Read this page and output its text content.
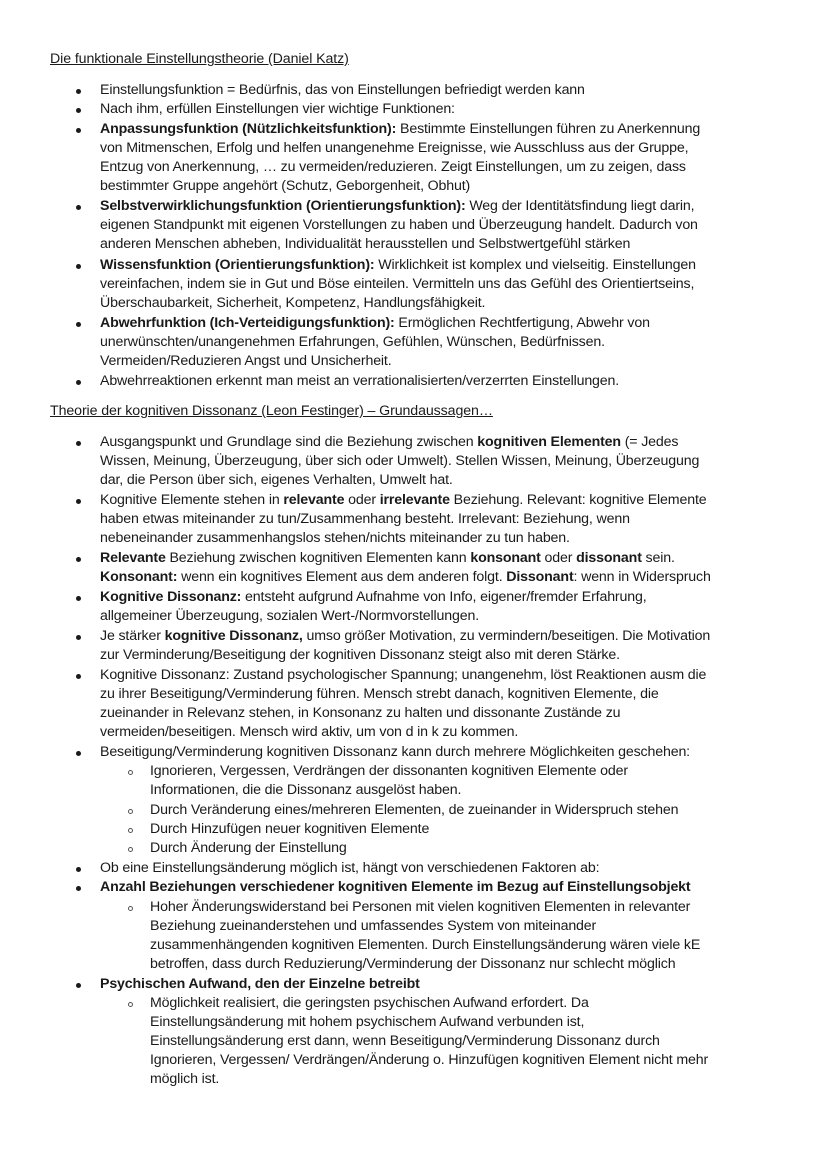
Die funktionale Einstellungstheorie (Daniel Katz)
Einstellungsfunktion = Bedürfnis, das von Einstellungen befriedigt werden kann
Nach ihm, erfüllen Einstellungen vier wichtige Funktionen:
Anpassungsfunktion (Nützlichkeitsfunktion): Bestimmte Einstellungen führen zu Anerkennung
von Mitmenschen, Erfolg und helfen unangenehme Ereignisse, wie Ausschluss aus der Gruppe,
Entzug von Anerkennung, … zu vermeiden/reduzieren. Zeigt Einstellungen, um zu zeigen, dass
bestimmter Gruppe angehört (Schutz, Geborgenheit, Obhut)
Selbstverwirklichungsfunktion (Orientierungsfunktion): Weg der Identitätsfindung liegt darin,
eigenen Standpunkt mit eigenen Vorstellungen zu haben und Überzeugung handelt. Dadurch von
anderen Menschen abheben, Individualität herausstellen und Selbstwertgefühl stärken
Wissensfunktion (Orientierungsfunktion): Wirklichkeit ist komplex und vielseitig. Einstellungen
vereinfachen, indem sie in Gut und Böse einteilen. Vermitteln uns das Gefühl des Orientiertseins,
Überschaubarkeit, Sicherheit, Kompetenz, Handlungsfähigkeit.
Abwehrfunktion (Ich-Verteidigungsfunktion): Ermöglichen Rechtfertigung, Abwehr von
unerwünschten/unangenehmen Erfahrungen, Gefühlen, Wünschen, Bedürfnissen.
Vermeiden/Reduzieren Angst und Unsicherheit.
Abwehrreaktionen erkennt man meist an verrationalisierten/verzerrten Einstellungen.
Theorie der kognitiven Dissonanz (Leon Festinger) – Grundaussagen…
Ausgangspunkt und Grundlage sind die Beziehung zwischen kognitiven Elementen (= Jedes
Wissen, Meinung, Überzeugung, über sich oder Umwelt). Stellen Wissen, Meinung, Überzeugung
dar, die Person über sich, eigenes Verhalten, Umwelt hat.
Kognitive Elemente stehen in relevante oder irrelevante Beziehung. Relevant: kognitive Elemente
haben etwas miteinander zu tun/Zusammenhang besteht. Irrelevant: Beziehung, wenn
nebeneinander zusammenhangslos stehen/nichts miteinander zu tun haben.
Relevante Beziehung zwischen kognitiven Elementen kann konsonant oder dissonant sein.
Konsonant: wenn ein kognitives Element aus dem anderen folgt. Dissonant: wenn in Widerspruch
Kognitive Dissonanz: entsteht aufgrund Aufnahme von Info, eigener/fremder Erfahrung,
allgemeiner Überzeugung, sozialen Wert-/Normvorstellungen.
Je stärker kognitive Dissonanz, umso größer Motivation, zu vermindern/beseitigen. Die Motivation
zur Verminderung/Beseitigung der kognitiven Dissonanz steigt also mit deren Stärke.
Kognitive Dissonanz: Zustand psychologischer Spannung; unangenehm, löst Reaktionen ausm die
zu ihrer Beseitigung/Verminderung führen. Mensch strebt danach, kognitiven Elemente, die
zueinander in Relevanz stehen, in Konsonanz zu halten und dissonante Zustände zu
vermeiden/beseitigen. Mensch wird aktiv, um von d in k zu kommen.
Beseitigung/Verminderung kognitiven Dissonanz kann durch mehrere Möglichkeiten geschehen:
Ignorieren, Vergessen, Verdrängen der dissonanten kognitiven Elemente oder
Informationen, die die Dissonanz ausgelöst haben.
Durch Veränderung eines/mehreren Elementen, de zueinander in Widerspruch stehen
Durch Hinzufügen neuer kognitiven Elemente
Durch Änderung der Einstellung
Ob eine Einstellungsänderung möglich ist, hängt von verschiedenen Faktoren ab:
Anzahl Beziehungen verschiedener kognitiven Elemente im Bezug auf Einstellungsobjekt
Hoher Änderungswiderstand bei Personen mit vielen kognitiven Elementen in relevanter
Beziehung zueinanderstehen und umfassendes System von miteinander
zusammenhängenden kognitiven Elementen. Durch Einstellungsänderung wären viele kE
betroffen, dass durch Reduzierung/Verminderung der Dissonanz nur schlecht möglich
Psychischen Aufwand, den der Einzelne betreibt
Möglichkeit realisiert, die geringsten psychischen Aufwand erfordert. Da
Einstellungsänderung mit hohem psychischem Aufwand verbunden ist,
Einstellungsänderung erst dann, wenn Beseitigung/Verminderung Dissonanz durch
Ignorieren, Vergessen/ Verdrängen/Änderung o. Hinzufügen kognitiven Element nicht mehr
möglich ist.
